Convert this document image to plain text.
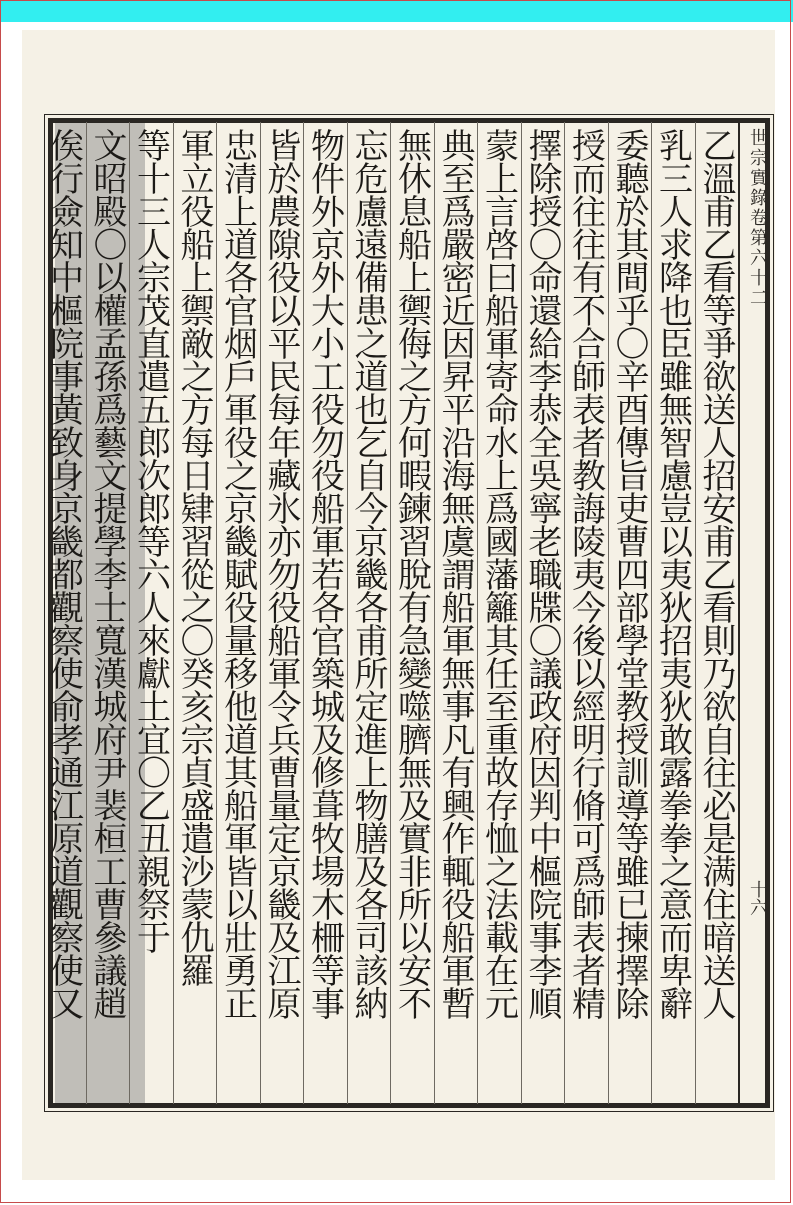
世宗實錄卷第六十二
十六
乙溫甫乙看等爭欲送人招安甫乙看則乃欲自往必是满住暗送人
乳三人求降也臣雖無智慮豈以夷狄招夷狄敢露拳拳之意而卑辭
委聽於其間乎〇辛酉傳旨吏曹四部學堂教授訓導等雖已揀擇除
授而往往有不合師表者教誨陵夷今後以經明行脩可爲師表者精
擇除授〇命還給李恭全吳寧老職牒〇議政府因判中樞院事李順
蒙上言啓曰船軍寄命水上爲國藩籬其任至重故存恤之法載在元
典至爲嚴密近因昇平沿海無虞謂船軍無事凡有興作輒役船軍暫
無休息船上禦侮之方何暇鍊習脫有急變噬臍無及實非所以安不
忘危慮遠備患之道也乞自今京畿各甫所定進上物膳及各司該納
物件外京外大小工役勿役船軍若各官築城及修葺牧場木柵等事
皆於農隙役以平民每年藏氷亦勿役船軍令兵曹量定京畿及江原
忠清上道各官烟戶軍役之京畿賦役量移他道其船軍皆以壯勇正
軍立役船上禦敵之方每日肄習從之〇癸亥宗貞盛遣沙蒙仇羅
等十三人宗茂直遣五郎次郎等六人來獻土宜〇乙丑親祭于
文昭殿〇以權孟孫爲藝文提學李士寬漢城府尹裴桓工曹參議趙
俟行僉知中樞院事黃致身京畿都觀察使俞孝通江原道觀察使又
